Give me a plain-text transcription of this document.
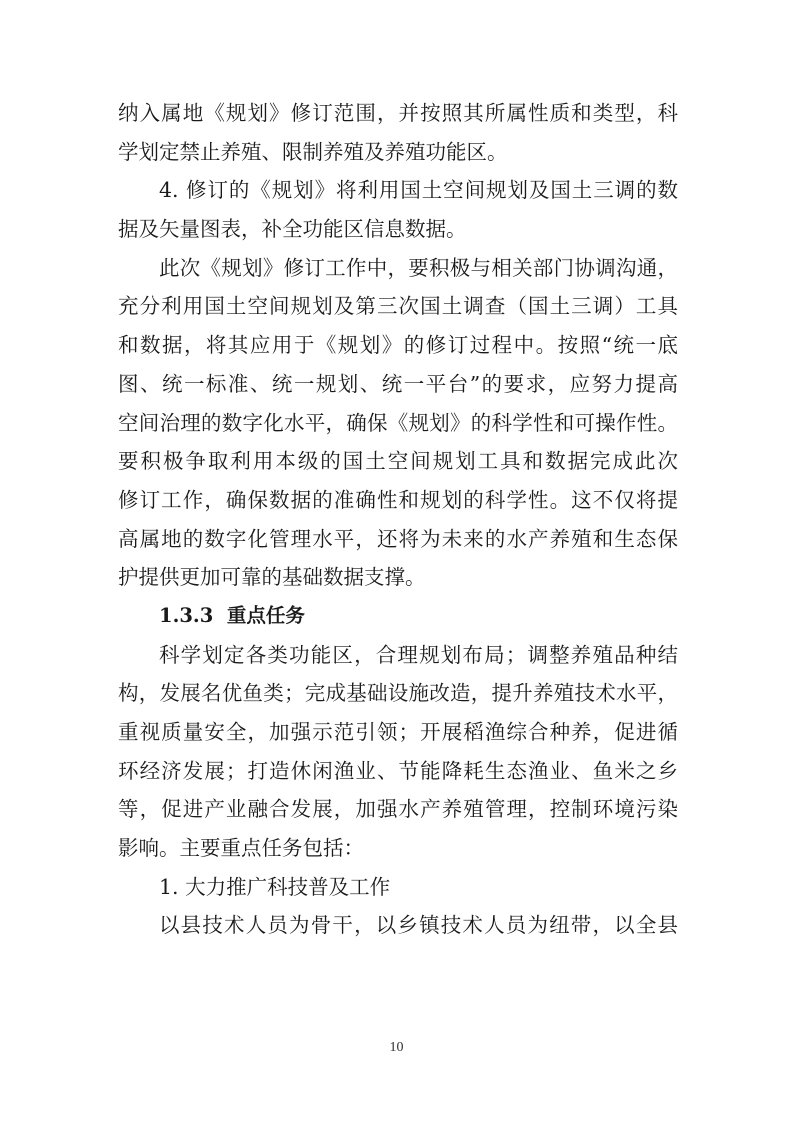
纳入属地《规划》修订范围，并按照其所属性质和类型，科
学划定禁止养殖、限制养殖及养殖功能区。
4. 修订的《规划》将利用国土空间规划及国土三调的数
据及矢量图表，补全功能区信息数据。
此次《规划》修订工作中，要积极与相关部门协调沟通，
充分利用国土空间规划及第三次国土调查（国土三调）工具
和数据，将其应用于《规划》的修订过程中。按照“统一底
图、统一标准、统一规划、统一平台”的要求，应努力提高
空间治理的数字化水平，确保《规划》的科学性和可操作性。
要积极争取利用本级的国土空间规划工具和数据完成此次
修订工作，确保数据的准确性和规划的科学性。这不仅将提
高属地的数字化管理水平，还将为未来的水产养殖和生态保
护提供更加可靠的基础数据支撑。
1.3.3  重点任务
科学划定各类功能区，合理规划布局；调整养殖品种结
构，发展名优鱼类；完成基础设施改造，提升养殖技术水平，
重视质量安全，加强示范引领；开展稻渔综合种养，促进循
环经济发展；打造休闲渔业、节能降耗生态渔业、鱼米之乡
等，促进产业融合发展，加强水产养殖管理，控制环境污染
影响。主要重点任务包括：
1. 大力推广科技普及工作
以县技术人员为骨干，以乡镇技术人员为纽带，以全县
10
